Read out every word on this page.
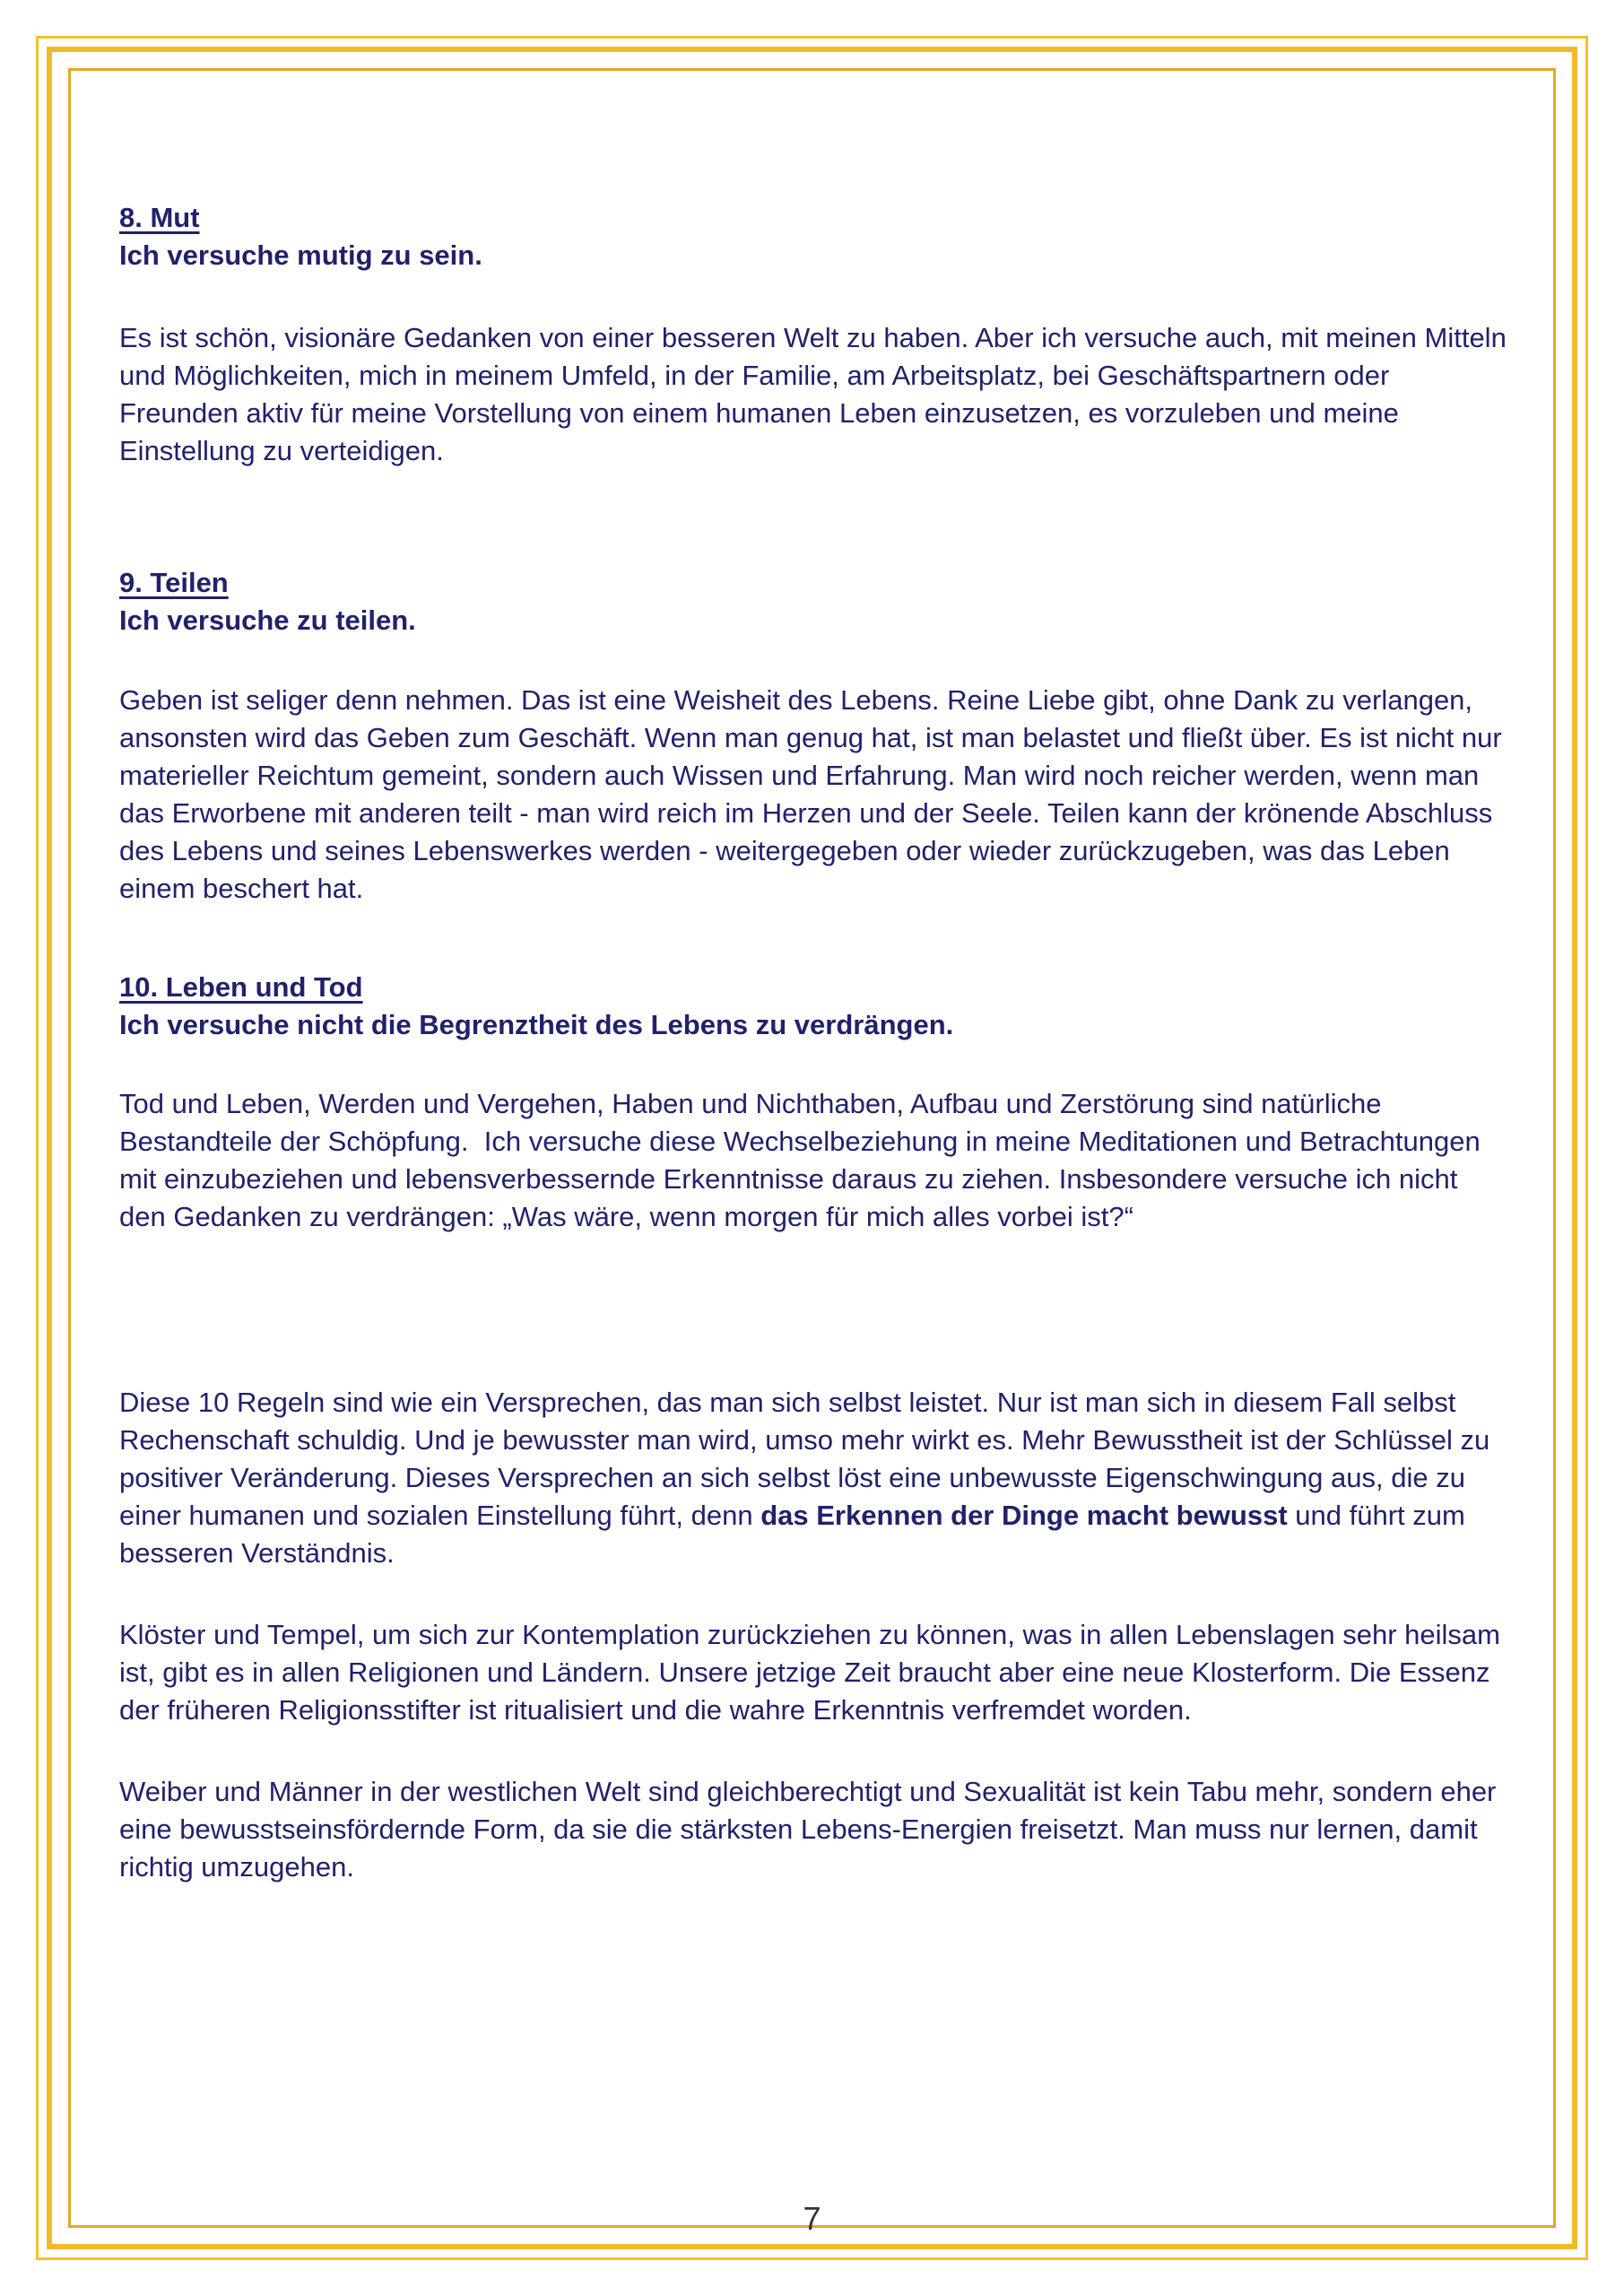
8. Mut
Ich versuche mutig zu sein.

Es ist schön, visionäre Gedanken von einer besseren Welt zu haben. Aber ich versuche auch, mit meinen Mitteln und Möglichkeiten, mich in meinem Umfeld, in der Familie, am Arbeitsplatz, bei Geschäftspartnern oder Freunden aktiv für meine Vorstellung von einem humanen Leben einzusetzen, es vorzuleben und meine Einstellung zu verteidigen.

9. Teilen
Ich versuche zu teilen.

Geben ist seliger denn nehmen. Das ist eine Weisheit des Lebens. Reine Liebe gibt, ohne Dank zu verlangen, ansonsten wird das Geben zum Geschäft. Wenn man genug hat, ist man belastet und fließt über. Es ist nicht nur materieller Reichtum gemeint, sondern auch Wissen und Erfahrung. Man wird noch reicher werden, wenn man das Erworbene mit anderen teilt - man wird reich im Herzen und der Seele. Teilen kann der krönende Abschluss des Lebens und seines Lebenswerkes werden - weitergegeben oder wieder zurückzugeben, was das Leben einem beschert hat.

10. Leben und Tod
Ich versuche nicht die Begrenztheit des Lebens zu verdrängen.

Tod und Leben, Werden und Vergehen, Haben und Nichthaben, Aufbau und Zerstörung sind natürliche Bestandteile der Schöpfung.  Ich versuche diese Wechselbeziehung in meine Meditationen und Betrachtungen mit einzubeziehen und lebensverbessernde Erkenntnisse daraus zu ziehen. Insbesondere versuche ich nicht den Gedanken zu verdrängen: „Was wäre, wenn morgen für mich alles vorbei ist?“

Diese 10 Regeln sind wie ein Versprechen, das man sich selbst leistet. Nur ist man sich in diesem Fall selbst Rechenschaft schuldig. Und je bewusster man wird, umso mehr wirkt es. Mehr Bewusstheit ist der Schlüssel zu positiver Veränderung. Dieses Versprechen an sich selbst löst eine unbewusste Eigenschwingung aus, die zu einer humanen und sozialen Einstellung führt, denn das Erkennen der Dinge macht bewusst und führt zum besseren Verständnis.

Klöster und Tempel, um sich zur Kontemplation zurückziehen zu können, was in allen Lebenslagen sehr heilsam ist, gibt es in allen Religionen und Ländern. Unsere jetzige Zeit braucht aber eine neue Klosterform. Die Essenz der früheren Religionsstifter ist ritualisiert und die wahre Erkenntnis verfremdet worden.

Weiber und Männer in der westlichen Welt sind gleichberechtigt und Sexualität ist kein Tabu mehr, sondern eher eine bewusstseinsfördernde Form, da sie die stärksten Lebens-Energien freisetzt. Man muss nur lernen, damit richtig umzugehen.

7
